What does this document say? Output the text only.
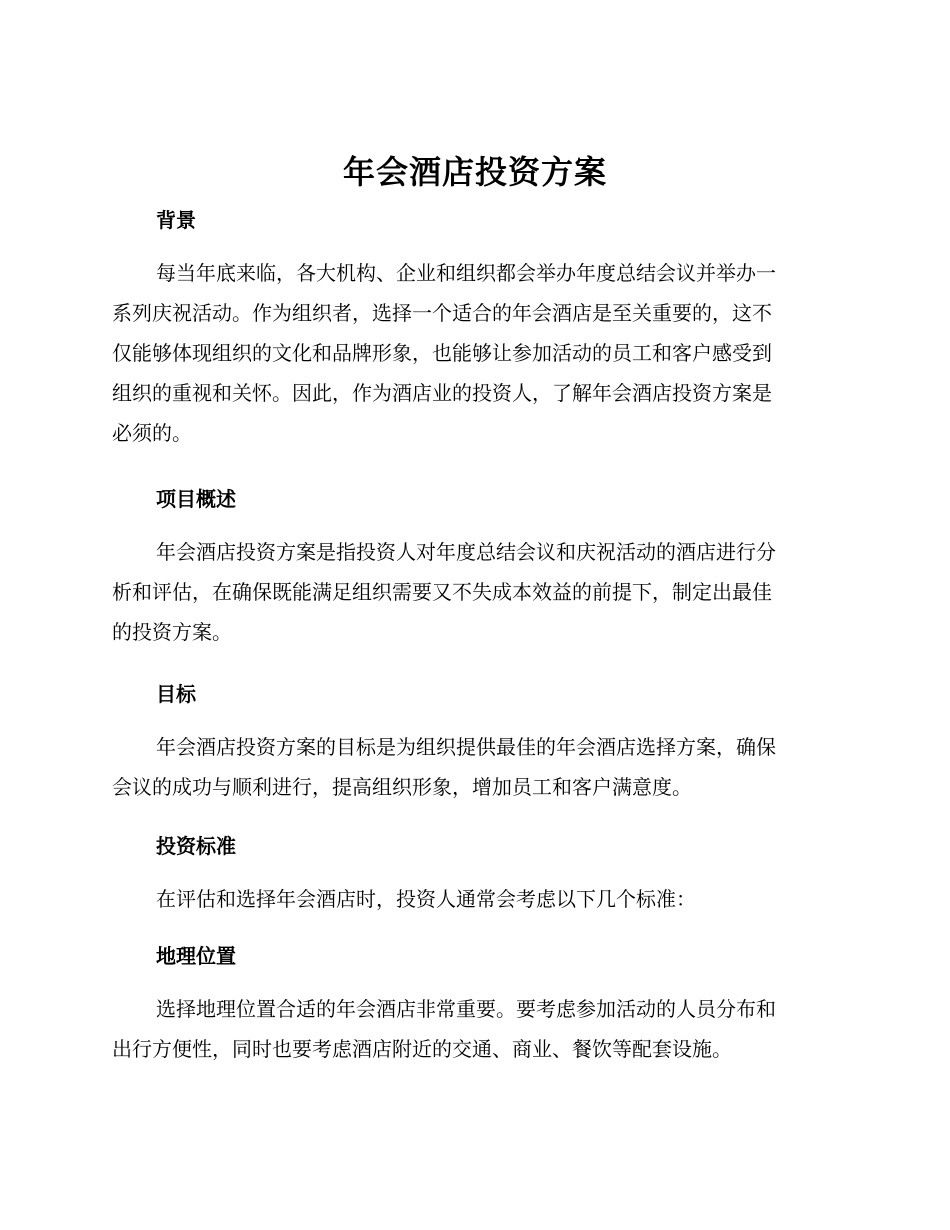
年会酒店投资方案
背景
每当年底来临，各大机构、企业和组织都会举办年度总结会议并举办一
系列庆祝活动。作为组织者，选择一个适合的年会酒店是至关重要的，这不
仅能够体现组织的文化和品牌形象，也能够让参加活动的员工和客户感受到
组织的重视和关怀。因此，作为酒店业的投资人，了解年会酒店投资方案是
必须的。
项目概述
年会酒店投资方案是指投资人对年度总结会议和庆祝活动的酒店进行分
析和评估，在确保既能满足组织需要又不失成本效益的前提下，制定出最佳
的投资方案。
目标
年会酒店投资方案的目标是为组织提供最佳的年会酒店选择方案，确保
会议的成功与顺利进行，提高组织形象，增加员工和客户满意度。
投资标准
在评估和选择年会酒店时，投资人通常会考虑以下几个标准：
地理位置
选择地理位置合适的年会酒店非常重要。要考虑参加活动的人员分布和
出行方便性，同时也要考虑酒店附近的交通、商业、餐饮等配套设施。
